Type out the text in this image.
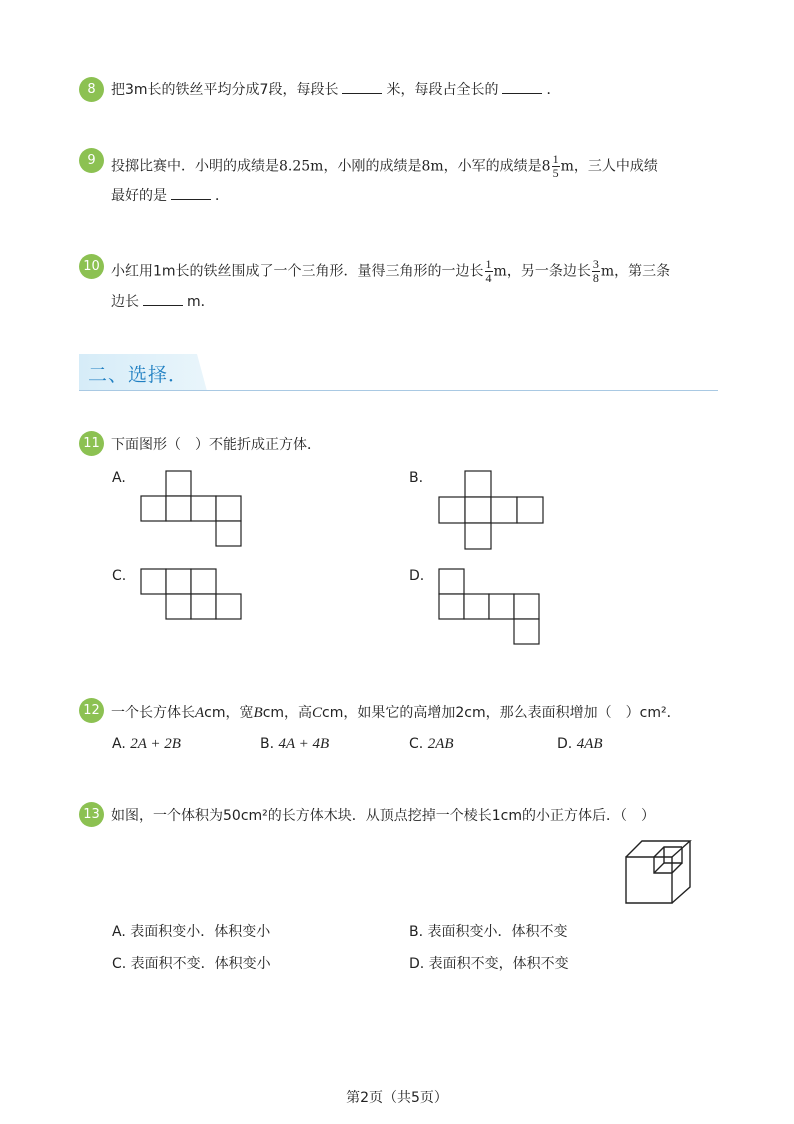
8	把3m长的铁丝平均分成7段，每段长	米，每段占全长的	．
9	投掷比赛中．小明的成绩是8.25m，小刚的成绩是8m，小军的成绩是$8 \frac{1}{5}$ m，三人中成绩
最好的是	．
10 小红用1m长的铁丝围成了一个三角形．量得三角形的一边长 $\frac{1}{4}$ m，另一条边长 $\frac{3}{8}$ m，第三条
边长	m．
二、选择．
11 下面图形（　）不能折成正方体．
A.	B.
C.	D.
12 一个长方体长Acm，宽Bcm，高Ccm，如果它的高增加2cm，那么表面积增加（　）cm²．
A. 2A + 2B	B. 4A + 4B	C. 2AB	D. 4AB
13 如图，一个体积为50cm²的长方体木块．从顶点挖掉一个棱长1cm的小正方体后．（　）
A. 表面积变小．体积变小	B. 表面积变小．体积不变
C. 表面积不变．体积变小	D. 表面积不变，体积不变
第2页（共5页）
